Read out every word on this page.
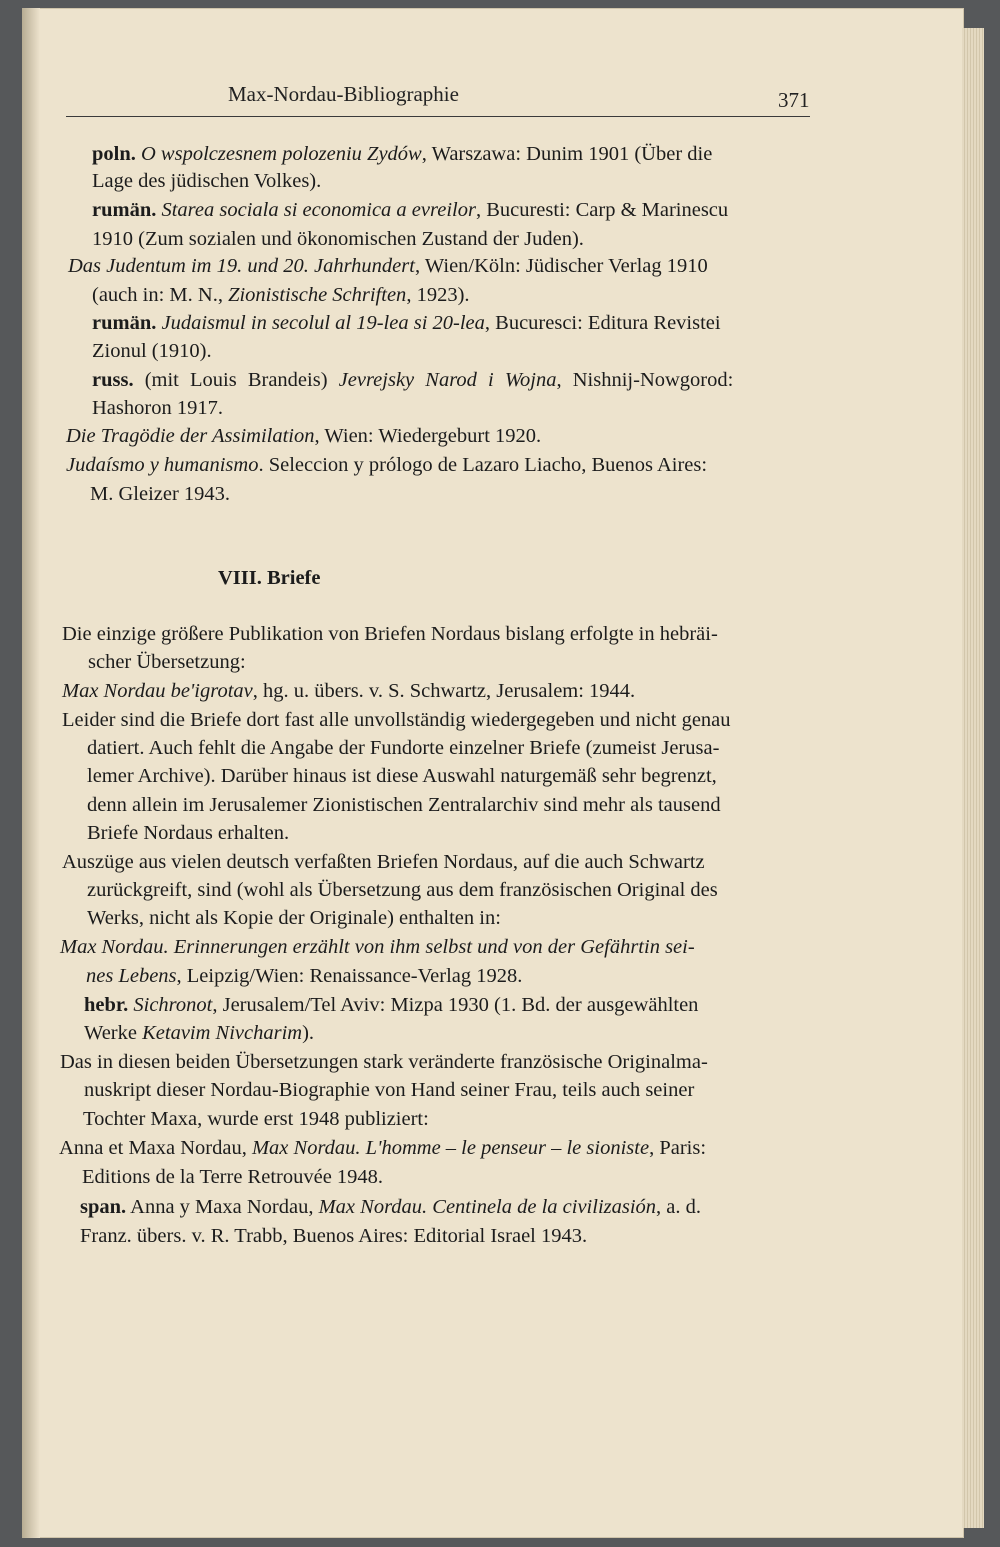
Max-Nordau-Bibliographie	371
poln. O wspolczesnem polozeniu Zydów, Warszawa: Dunim 1901 (Über die
Lage des jüdischen Volkes).
rumän. Starea sociala si economica a evreilor, Bucuresti: Carp & Marinescu
1910 (Zum sozialen und ökonomischen Zustand der Juden).
Das Judentum im 19. und 20. Jahrhundert, Wien/Köln: Jüdischer Verlag 1910
(auch in: M. N., Zionistische Schriften, 1923).
rumän. Judaismul in secolul al 19-lea si 20-lea, Bucuresci: Editura Revistei
Zionul (1910).
russ. (mit Louis Brandeis) Jevrejsky Narod i Wojna, Nishnij-Nowgorod:
Hashoron 1917.
Die Tragödie der Assimilation, Wien: Wiedergeburt 1920.
Judaísmo y humanismo. Seleccion y prólogo de Lazaro Liacho, Buenos Aires:
M. Gleizer 1943.
VIII. Briefe
Die einzige größere Publikation von Briefen Nordaus bislang erfolgte in hebräi-
scher Übersetzung:
Max Nordau be'igrotav, hg. u. übers. v. S. Schwartz, Jerusalem: 1944.
Leider sind die Briefe dort fast alle unvollständig wiedergegeben und nicht genau
datiert. Auch fehlt die Angabe der Fundorte einzelner Briefe (zumeist Jerusa-
lemer Archive). Darüber hinaus ist diese Auswahl naturgemäß sehr begrenzt,
denn allein im Jerusalemer Zionistischen Zentralarchiv sind mehr als tausend
Briefe Nordaus erhalten.
Auszüge aus vielen deutsch verfaßten Briefen Nordaus, auf die auch Schwartz
zurückgreift, sind (wohl als Übersetzung aus dem französischen Original des
Werks, nicht als Kopie der Originale) enthalten in:
Max Nordau. Erinnerungen erzählt von ihm selbst und von der Gefährtin sei-
nes Lebens, Leipzig/Wien: Renaissance-Verlag 1928.
hebr. Sichronot, Jerusalem/Tel Aviv: Mizpa 1930 (1. Bd. der ausgewählten
Werke Ketavim Nivcharim).
Das in diesen beiden Übersetzungen stark veränderte französische Originalma-
nuskript dieser Nordau-Biographie von Hand seiner Frau, teils auch seiner
Tochter Maxa, wurde erst 1948 publiziert:
Anna et Maxa Nordau, Max Nordau. L'homme – le penseur – le sioniste, Paris:
Editions de la Terre Retrouvée 1948.
span. Anna y Maxa Nordau, Max Nordau. Centinela de la civilizasión, a. d.
Franz. übers. v. R. Trabb, Buenos Aires: Editorial Israel 1943.
